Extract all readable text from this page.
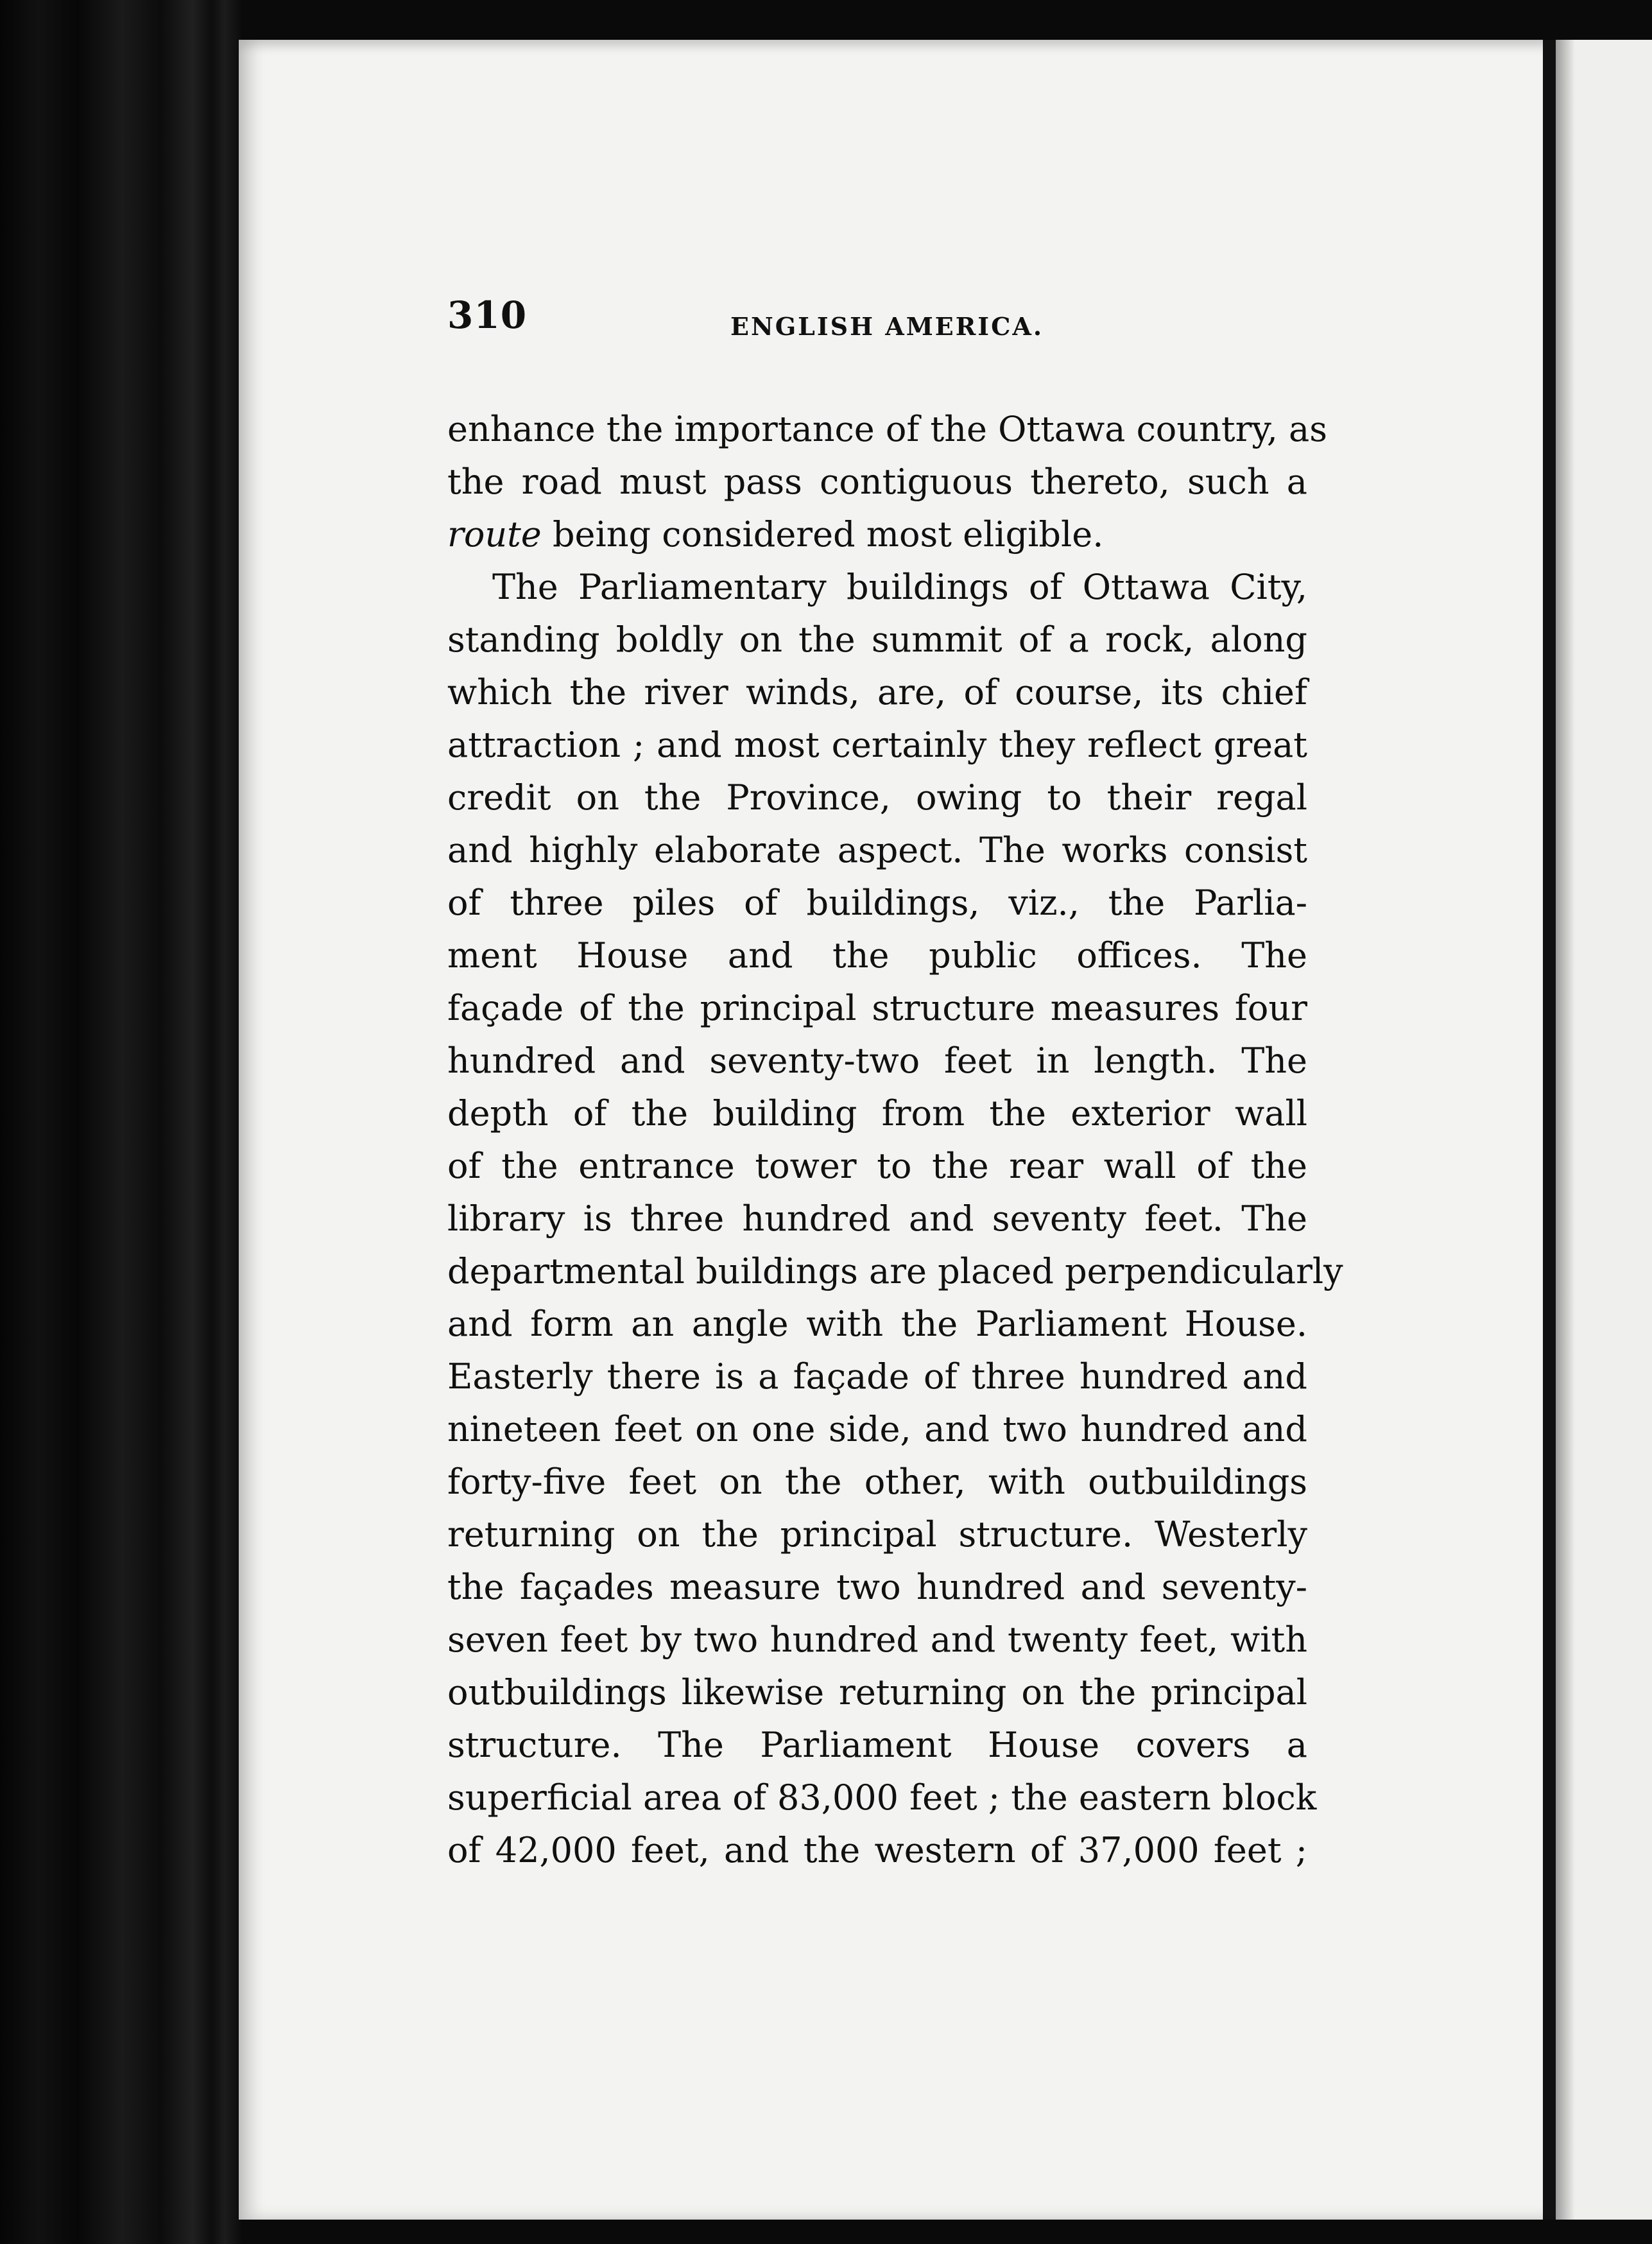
310	ENGLISH AMERICA.
enhance the importance of the Ottawa country, as
the road must pass contiguous thereto, such a
route being considered most eligible.
The Parliamentary buildings of Ottawa City,
standing boldly on the summit of a rock, along
which the river winds, are, of course, its chief
attraction ; and most certainly they reflect great
credit on the Province, owing to their regal
and highly elaborate aspect. The works consist
of three piles of buildings, viz., the Parlia-
ment House and the public offices. The
façade of the principal structure measures four
hundred and seventy-two feet in length. The
depth of the building from the exterior wall
of the entrance tower to the rear wall of the
library is three hundred and seventy feet. The
departmental buildings are placed perpendicularly
and form an angle with the Parliament House.
Easterly there is a façade of three hundred and
nineteen feet on one side, and two hundred and
forty-five feet on the other, with outbuildings
returning on the principal structure. Westerly
the façades measure two hundred and seventy-
seven feet by two hundred and twenty feet, with
outbuildings likewise returning on the principal
structure. The Parliament House covers a
superficial area of 83,000 feet ; the eastern block
of 42,000 feet, and the western of 37,000 feet ;
